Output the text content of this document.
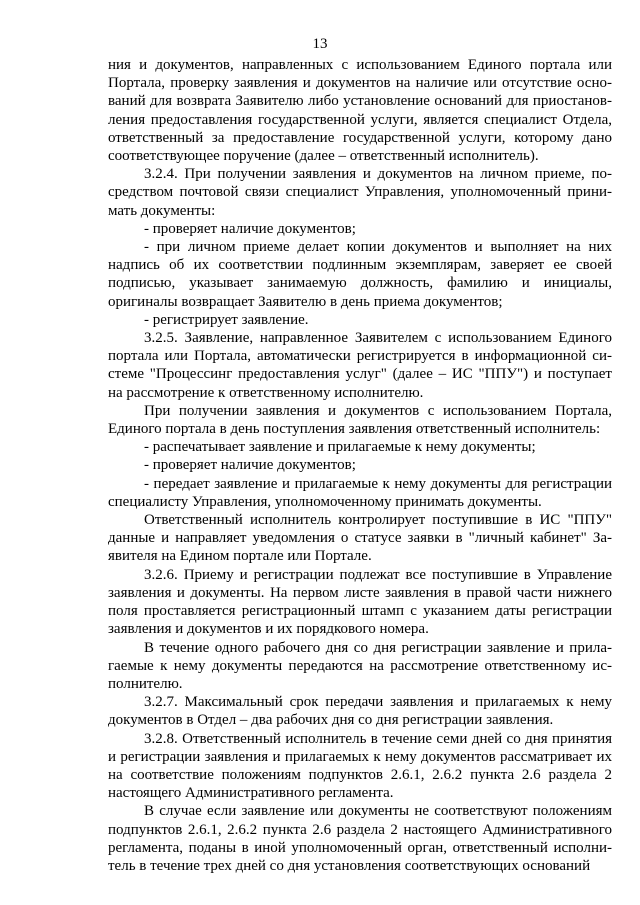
13

ния и документов, направленных с использованием Единого портала или Портала, проверку заявления и документов на наличие или отсутствие оснований для возврата Заявителю либо установление оснований для приостановления предоставления государственной услуги, является специалист Отдела, ответственный за предоставление государственной услуги, которому дано соответствующее поручение (далее – ответственный исполнитель).

3.2.4. При получении заявления и документов на личном приеме, посредством почтовой связи специалист Управления, уполномоченный принимать документы:

- проверяет наличие документов;

- при личном приеме делает копии документов и выполняет на них надпись об их соответствии подлинным экземплярам, заверяет ее своей подписью, указывает занимаемую должность, фамилию и инициалы, оригиналы возвращает Заявителю в день приема документов;

- регистрирует заявление.

3.2.5. Заявление, направленное Заявителем с использованием Единого портала или Портала, автоматически регистрируется в информационной системе "Процессинг предоставления услуг" (далее – ИС "ППУ") и поступает на рассмотрение к ответственному исполнителю.

При получении заявления и документов с использованием Портала, Единого портала в день поступления заявления ответственный исполнитель:

- распечатывает заявление и прилагаемые к нему документы;

- проверяет наличие документов;

- передает заявление и прилагаемые к нему документы для регистрации специалисту Управления, уполномоченному принимать документы.

Ответственный исполнитель контролирует поступившие в ИС "ППУ" данные и направляет уведомления о статусе заявки в "личный кабинет" Заявителя на Едином портале или Портале.

3.2.6. Приему и регистрации подлежат все поступившие в Управление заявления и документы. На первом листе заявления в правой части нижнего поля проставляется регистрационный штамп с указанием даты регистрации заявления и документов и их порядкового номера.

В течение одного рабочего дня со дня регистрации заявление и прилагаемые к нему документы передаются на рассмотрение ответственному исполнителю.

3.2.7. Максимальный срок передачи заявления и прилагаемых к нему документов в Отдел – два рабочих дня со дня регистрации заявления.

3.2.8. Ответственный исполнитель в течение семи дней со дня принятия и регистрации заявления и прилагаемых к нему документов рассматривает их на соответствие положениям подпунктов 2.6.1, 2.6.2 пункта 2.6 раздела 2 настоящего Административного регламента.

В случае если заявление или документы не соответствуют положениям подпунктов 2.6.1, 2.6.2 пункта 2.6 раздела 2 настоящего Административного регламента, поданы в иной уполномоченный орган, ответственный исполнитель в течение трех дней со дня установления соответствующих оснований
